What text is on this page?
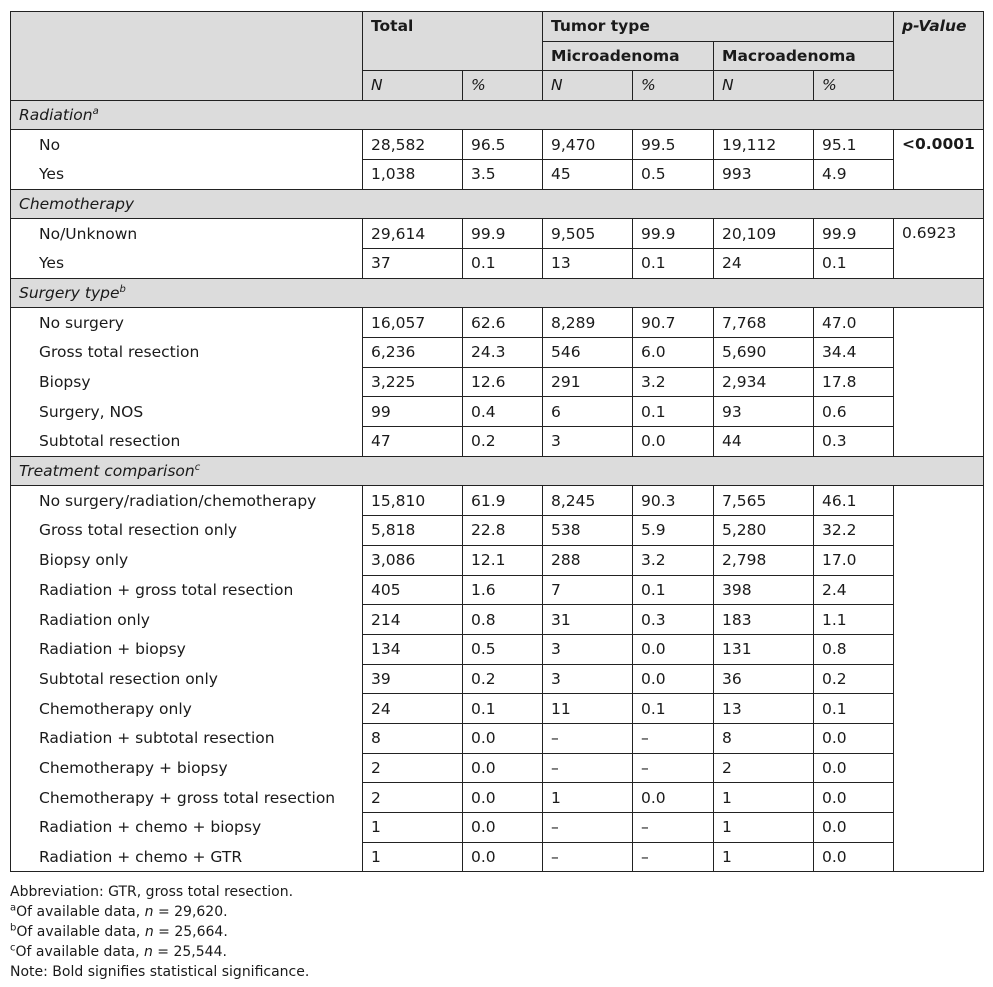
	Total		Tumor type				p-Value
			Microadenoma		Macroadenoma		
	N	%	N	%	N	%	
Radiation$^a$
No	28,582	96.5	9,470	99.5	19,112	95.1	<0.0001
Yes	1,038	3.5	45	0.5	993	4.9	
Chemotherapy							
No/Unknown	29,614	99.9	9,505	99.9	20,109	99.9	0.6923
Yes	37	0.1	13	0.1	24	0.1	
Surgery type$^b$
No surgery	16,057	62.6	8,289	90.7	7,768	47.0	
Gross total resection	6,236	24.3	546	6.0	5,690	34.4	
Biopsy	3,225	12.6	291	3.2	2,934	17.8	
Surgery, NOS	99	0.4	6	0.1	93	0.6	
Subtotal resection	47	0.2	3	0.0	44	0.3	
Treatment comparison$^c$
No surgery/radiation/chemotherapy	15,810	61.9	8,245	90.3	7,565	46.1	
Gross total resection only	5,818	22.8	538	5.9	5,280	32.2	
Biopsy only	3,086	12.1	288	3.2	2,798	17.0	
Radiation + gross total resection	405	1.6	7	0.1	398	2.4	
Radiation only	214	0.8	31	0.3	183	1.1	
Radiation + biopsy	134	0.5	3	0.0	131	0.8	
Subtotal resection only	39	0.2	3	0.0	36	0.2	
Chemotherapy only	24	0.1	11	0.1	13	0.1	
Radiation + subtotal resection	8	0.0	–	–	8	0.0	
Chemotherapy + biopsy	2	0.0	–	–	2	0.0	
Chemotherapy + gross total resection	2	0.0	1	0.0	1	0.0	
Radiation + chemo + biopsy	1	0.0	–	–	1	0.0	
Radiation + chemo + GTR	1	0.0	–	–	1	0.0	
Abbreviation: GTR, gross total resection.
$^a$Of available data, n = 29,620.
$^b$Of available data, n = 25,664.
$^c$Of available data, n = 25,544.
Note: Bold signifies statistical significance.
